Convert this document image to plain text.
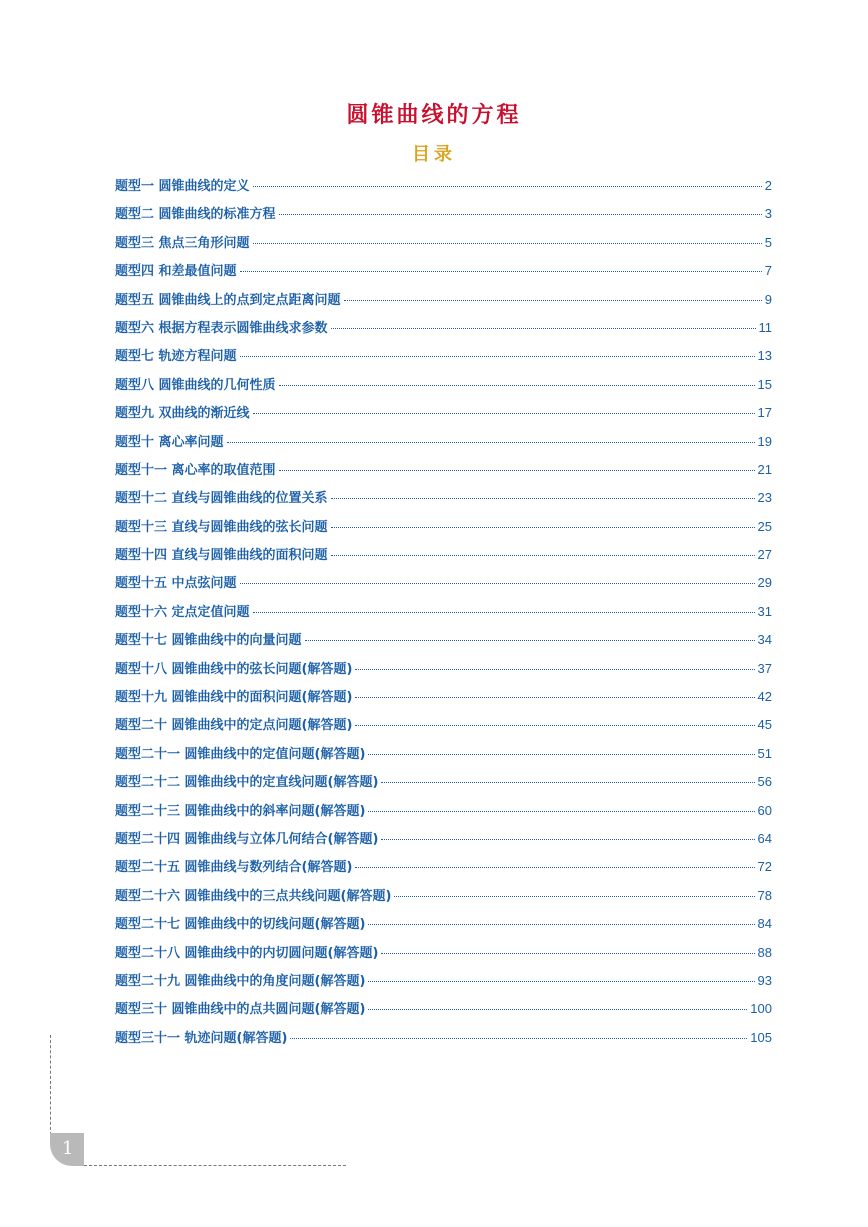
圆锥曲线的方程
目录
题型一 圆锥曲线的定义	2
题型二 圆锥曲线的标准方程	3
题型三 焦点三角形问题	5
题型四 和差最值问题	7
题型五 圆锥曲线上的点到定点距离问题	9
题型六 根据方程表示圆锥曲线求参数	11
题型七 轨迹方程问题	13
题型八 圆锥曲线的几何性质	15
题型九 双曲线的渐近线	17
题型十 离心率问题	19
题型十一 离心率的取值范围	21
题型十二 直线与圆锥曲线的位置关系	23
题型十三 直线与圆锥曲线的弦长问题	25
题型十四 直线与圆锥曲线的面积问题	27
题型十五 中点弦问题	29
题型十六 定点定值问题	31
题型十七 圆锥曲线中的向量问题	34
题型十八 圆锥曲线中的弦长问题(解答题)	37
题型十九 圆锥曲线中的面积问题(解答题)	42
题型二十 圆锥曲线中的定点问题(解答题)	45
题型二十一 圆锥曲线中的定值问题(解答题)	51
题型二十二 圆锥曲线中的定直线问题(解答题)	56
题型二十三 圆锥曲线中的斜率问题(解答题)	60
题型二十四 圆锥曲线与立体几何结合(解答题)	64
题型二十五 圆锥曲线与数列结合(解答题)	72
题型二十六 圆锥曲线中的三点共线问题(解答题)	78
题型二十七 圆锥曲线中的切线问题(解答题)	84
题型二十八 圆锥曲线中的内切圆问题(解答题)	88
题型二十九 圆锥曲线中的角度问题(解答题)	93
题型三十 圆锥曲线中的点共圆问题(解答题)	100
题型三十一 轨迹问题(解答题)	105
1
